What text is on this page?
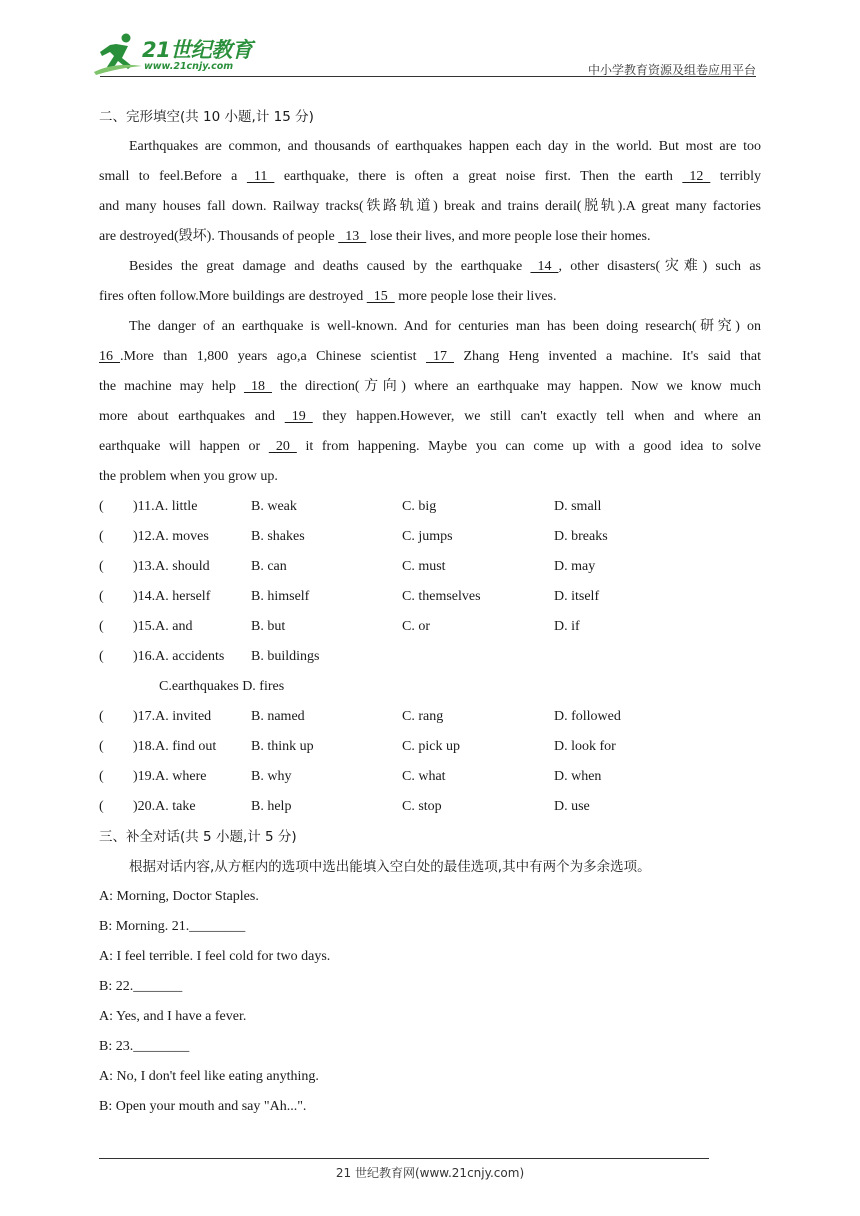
21世纪教育
www.21cnjy.com	中小学教育资源及组卷应用平台
二、完形填空(共 10 小题,计 15 分)
Earthquakes are common, and thousands of earthquakes happen each day in the world. But most are too
small to feel.Before a   11   earthquake, there is often a great noise first. Then the earth   12   terribly
and many houses fall down. Railway tracks(铁路轨道) break and trains derail(脱轨).A great many factories
are destroyed(毁坏). Thousands of people   13   lose their lives, and more people lose their homes.
Besides the great damage and deaths caused by the earthquake   14  , other disasters(灾难) such as
fires often follow.More buildings are destroyed   15   more people lose their lives.
The danger of an earthquake is well-known. And for centuries man has been doing research(研究) on
16  .More than 1,800 years ago,a Chinese scientist   17   Zhang Heng invented a machine. It's said that
the machine may help   18   the direction(方向) where an earthquake may happen. Now we know much
more about earthquakes and   19   they happen.However, we still can't exactly tell when and where an
earthquake will happen or   20   it from happening. Maybe you can come up with a good idea to solve
the problem when you grow up.
( )11.A. little	B. weak	C. big	D. small
( )12.A. moves	B. shakes	C. jumps	D. breaks
( )13.A. should	B. can	C. must	D. may
( )14.A. herself	B. himself	C. themselves	D. itself
( )15.A. and	B. but	C. or	D. if
( )16.A. accidents B. buildings
C.earthquakes D. fires
( )17.A. invited	B. named	C. rang	D. followed
( )18.A. find out B. think up	C. pick up	D. look for
( )19.A. where	B. why	C. what	D. when
( )20.A. take	B. help	C. stop	D. use
三、补全对话(共 5 小题,计 5 分)
根据对话内容,从方框内的选项中选出能填入空白处的最佳选项,其中有两个为多余选项。
A: Morning, Doctor Staples.
B: Morning. 21.________
A: I feel terrible. I feel cold for two days.
B: 22._______
A: Yes, and I have a fever.
B: 23.________
A: No, I don't feel like eating anything.
B: Open your mouth and say "Ah...".
21 世纪教育网(www.21cnjy.com)
